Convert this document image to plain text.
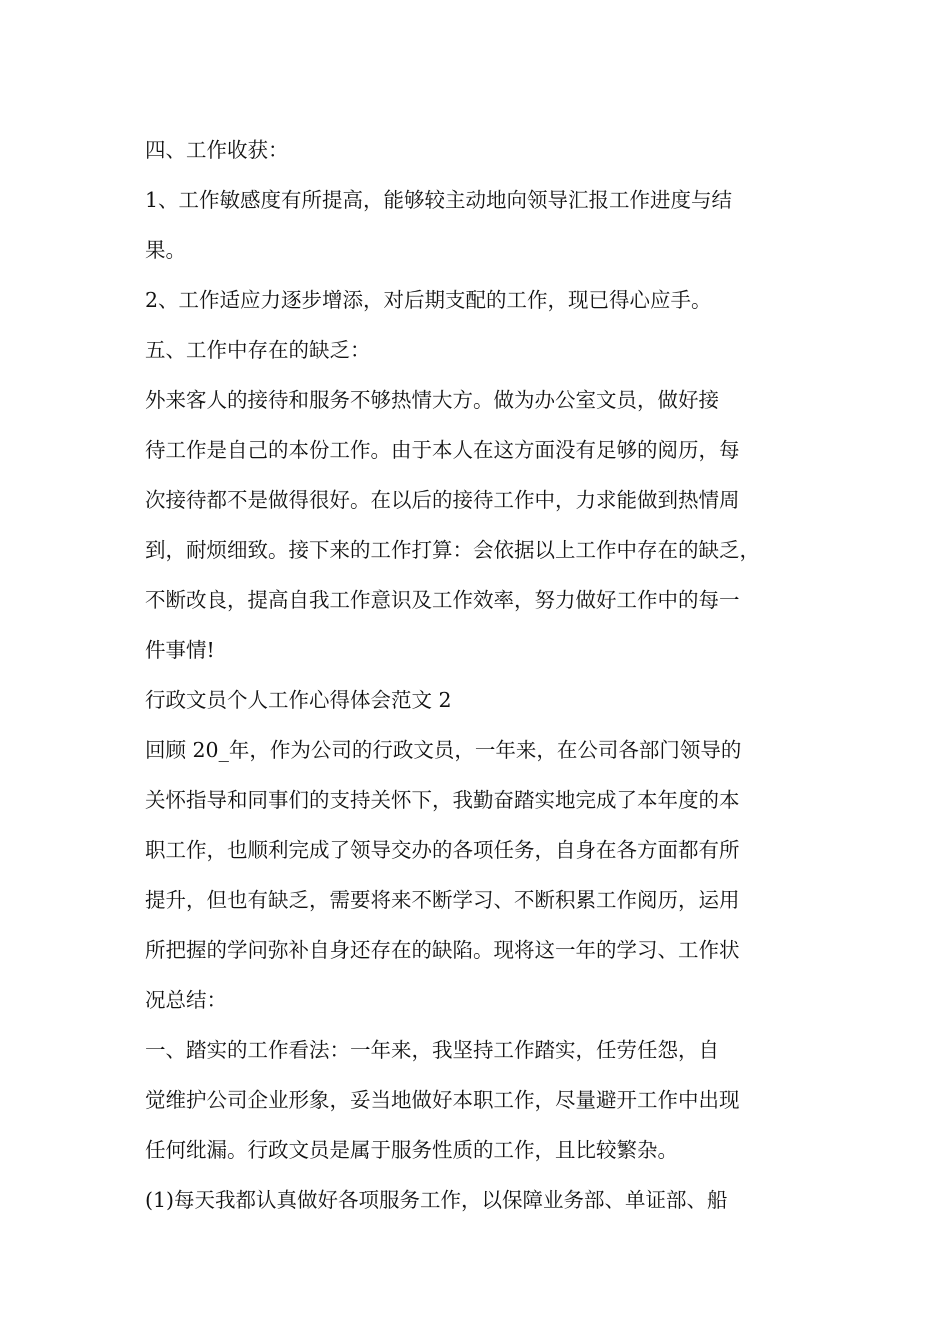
四、工作收获：

1、工作敏感度有所提高，能够较主动地向领导汇报工作进度与结

果。

2、工作适应力逐步增添，对后期支配的工作，现已得心应手。

五、工作中存在的缺乏：

外来客人的接待和服务不够热情大方。做为办公室文员，做好接

待工作是自己的本份工作。由于本人在这方面没有足够的阅历，每

次接待都不是做得很好。在以后的接待工作中，力求能做到热情周

到，耐烦细致。接下来的工作打算：会依据以上工作中存在的缺乏，

不断改良，提高自我工作意识及工作效率，努力做好工作中的每一

件事情!

行政文员个人工作心得体会范文 2

回顾 20_年，作为公司的行政文员，一年来，在公司各部门领导的

关怀指导和同事们的支持关怀下，我勤奋踏实地完成了本年度的本

职工作，也顺利完成了领导交办的各项任务，自身在各方面都有所

提升，但也有缺乏，需要将来不断学习、不断积累工作阅历，运用

所把握的学问弥补自身还存在的缺陷。现将这一年的学习、工作状

况总结：

一、踏实的工作看法：一年来，我坚持工作踏实，任劳任怨，自

觉维护公司企业形象，妥当地做好本职工作，尽量避开工作中出现

任何纰漏。行政文员是属于服务性质的工作，且比较繁杂。

(1)每天我都认真做好各项服务工作，以保障业务部、单证部、船
